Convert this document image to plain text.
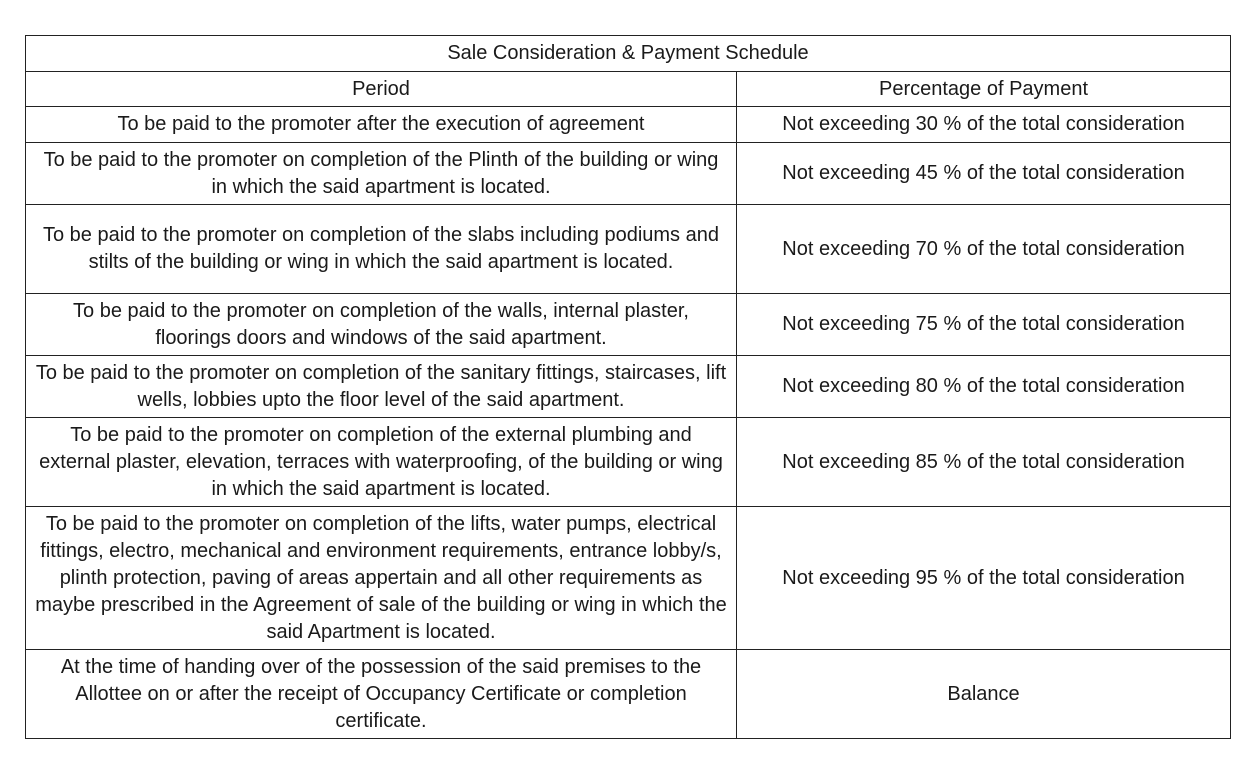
Sale Consideration & Payment Schedule	
Period	Percentage of Payment
To be paid to the promoter after the execution of agreement	Not exceeding 30 % of the total consideration
To be paid to the promoter on completion of the Plinth of the building or wing in which the said apartment is located.	Not exceeding 45 % of the total consideration
To be paid to the promoter on completion of the slabs including podiums and stilts of the building or wing in which the said apartment is located.	Not exceeding 70 % of the total consideration
To be paid to the promoter on completion of the walls, internal plaster, floorings doors and windows of the said apartment.	Not exceeding 75 % of the total consideration
To be paid to the promoter on completion of the sanitary fittings, staircases, lift wells, lobbies upto the floor level of the said apartment.	Not exceeding 80 % of the total consideration
To be paid to the promoter on completion of the external plumbing and external plaster, elevation, terraces with waterproofing, of the building or wing in which the said apartment is located.	Not exceeding 85 % of the total consideration
To be paid to the promoter on completion of the lifts, water pumps, electrical fittings, electro, mechanical and environment requirements, entrance lobby/s, plinth protection, paving of areas appertain and all other requirements as maybe prescribed in the Agreement of sale of the building or wing in which the said Apartment is located.	Not exceeding 95 % of the total consideration
At the time of handing over of the possession of the said premises to the Allottee on or after the receipt of Occupancy Certificate or completion certificate.	Balance
